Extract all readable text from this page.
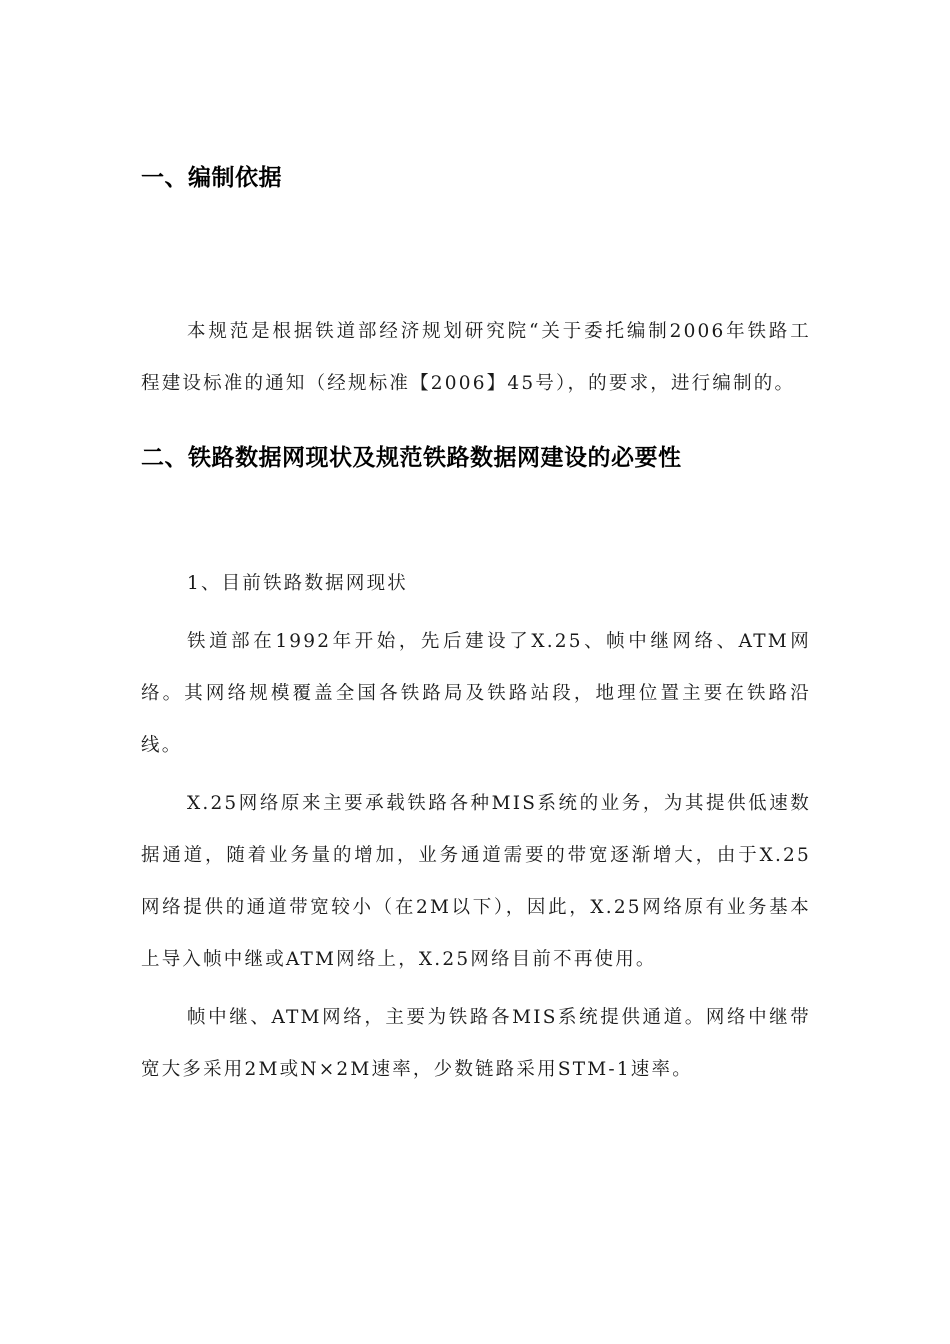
一、编制依据

本规范是根据铁道部经济规划研究院“关于委托编制2006年铁路工程建设标准的通知（经规标准【2006】45号），的要求，进行编制的。

二、铁路数据网现状及规范铁路数据网建设的必要性
1、目前铁路数据网现状

铁道部在1992年开始，先后建设了X.25、帧中继网络、ATM网络。其网络规模覆盖全国各铁路局及铁路站段，地理位置主要在铁路沿线。

X.25网络原来主要承载铁路各种MIS系统的业务，为其提供低速数据通道，随着业务量的增加，业务通道需要的带宽逐渐增大，由于X.25网络提供的通道带宽较小（在2M以下），因此，X.25网络原有业务基本上导入帧中继或ATM网络上，X.25网络目前不再使用。

帧中继、ATM网络，主要为铁路各MIS系统提供通道。网络中继带宽大多采用2M或N×2M速率，少数链路采用STM-1速率。
